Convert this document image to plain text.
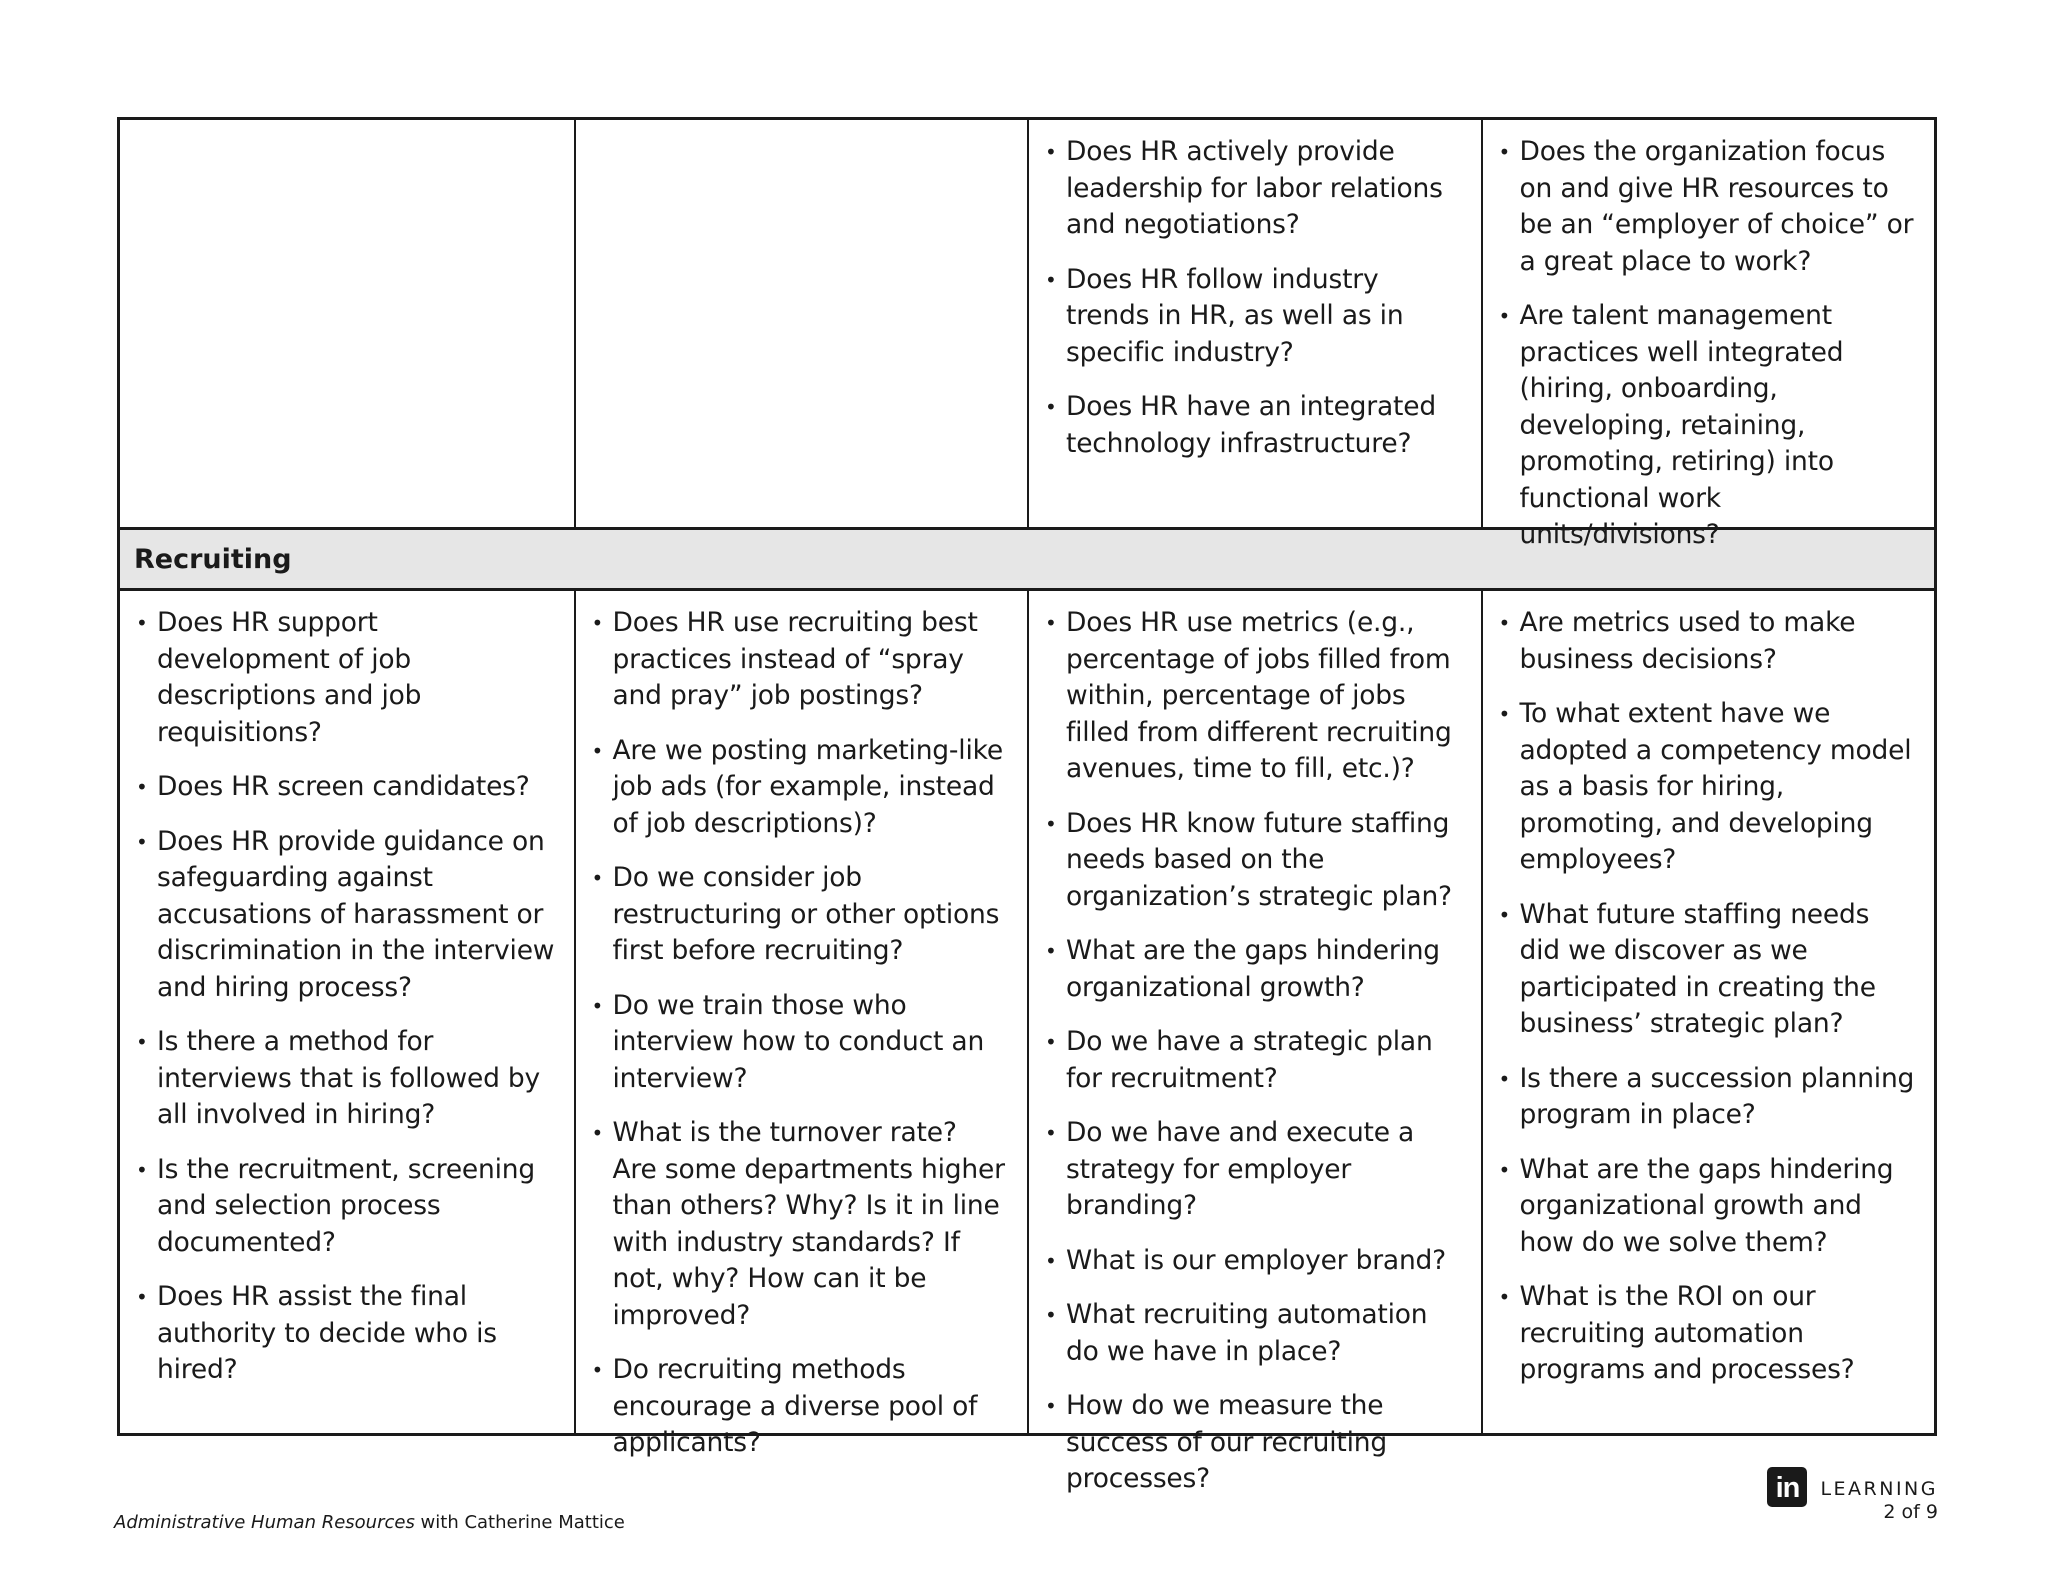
• Does HR actively provide leadership for labor relations and negotiations?
• Does HR follow industry trends in HR, as well as in specific industry?
• Does HR have an integrated technology infrastructure?
• Does the organization focus on and give HR resources to be an “employer of choice” or a great place to work?
• Are talent management practices well integrated (hiring, onboarding, developing, retaining, promoting, retiring) into functional work units/divisions?
Recruiting
• Does HR support development of job descriptions and job requisitions?
• Does HR screen candidates?
• Does HR provide guidance on safeguarding against accusations of harassment or discrimination in the interview and hiring process?
• Is there a method for interviews that is followed by all involved in hiring?
• Is the recruitment, screening and selection process documented?
• Does HR assist the final authority to decide who is hired?
• Does HR use recruiting best practices instead of “spray and pray” job postings?
• Are we posting marketing-like job ads (for example, instead of job descriptions)?
• Do we consider job restructuring or other options first before recruiting?
• Do we train those who interview how to conduct an interview?
• What is the turnover rate? Are some departments higher than others? Why? Is it in line with industry standards? If not, why? How can it be improved?
• Do recruiting methods encourage a diverse pool of applicants?
• Does HR use metrics (e.g., percentage of jobs filled from within, percentage of jobs filled from different recruiting avenues, time to fill, etc.)?
• Does HR know future staffing needs based on the organization’s strategic plan?
• What are the gaps hindering organizational growth?
• Do we have a strategic plan for recruitment?
• Do we have and execute a strategy for employer branding?
• What is our employer brand?
• What recruiting automation do we have in place?
• How do we measure the success of our recruiting processes?
• Are metrics used to make business decisions?
• To what extent have we adopted a competency model as a basis for hiring, promoting, and developing employees?
• What future staffing needs did we discover as we participated in creating the business’ strategic plan?
• Is there a succession planning program in place?
• What are the gaps hindering organizational growth and how do we solve them?
• What is the ROI on our recruiting automation programs and processes?
Administrative Human Resources with Catherine Mattice
in	LEARNING
2 of 9
